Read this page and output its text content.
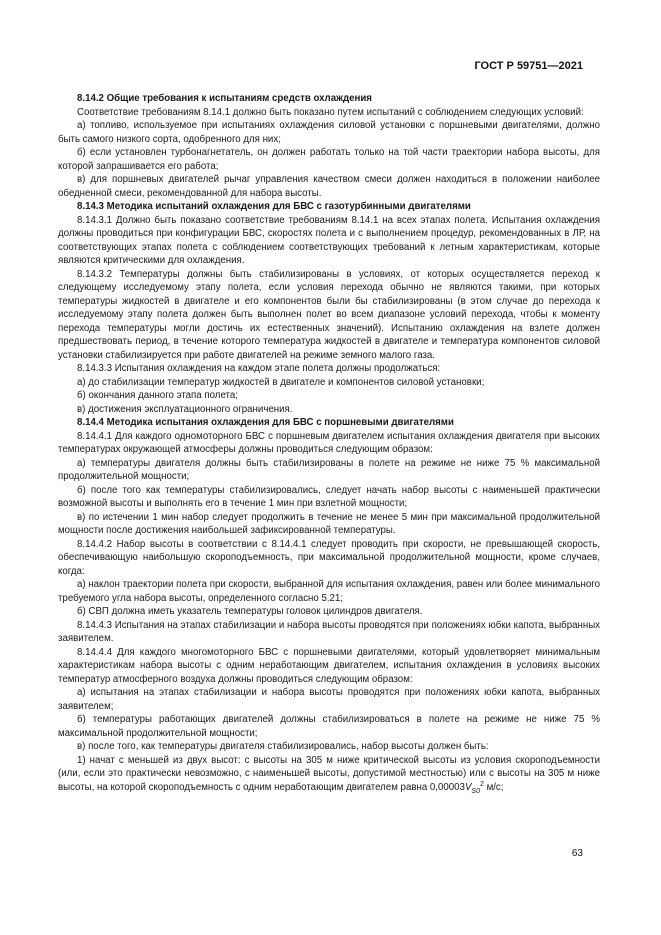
ГОСТ Р 59751—2021

8.14.2 Общие требования к испытаниям средств охлаждения

Соответствие требованиям 8.14.1 должно быть показано путем испытаний с соблюдением следующих условий:

а) топливо, используемое при испытаниях охлаждения силовой установки с поршневыми двигателями, должно быть самого низкого сорта, одобренного для них;

б) если установлен турбонагнетатель, он должен работать только на той части траектории набора высоты, для которой запрашивается его работа;

в) для поршневых двигателей рычаг управления качеством смеси должен находиться в положении наиболее обедненной смеси, рекомендованной для набора высоты.

8.14.3 Методика испытаний охлаждения для БВС с газотурбинными двигателями

8.14.3.1 Должно быть показано соответствие требованиям 8.14.1 на всех этапах полета. Испытания охлаждения должны проводиться при конфигурации БВС, скоростях полета и с выполнением процедур, рекомендованных в ЛР, на соответствующих этапах полета с соблюдением соответствующих требований к летным характеристикам, которые являются критическими для охлаждения.

8.14.3.2 Температуры должны быть стабилизированы в условиях, от которых осуществляется переход к следующему исследуемому этапу полета, если условия перехода обычно не являются такими, при которых температуры жидкостей в двигателе и его компонентов были бы стабилизированы (в этом случае до перехода к исследуемому этапу полета должен быть выполнен полет во всем диапазоне условий перехода, чтобы к моменту перехода температуры могли достичь их естественных значений). Испытанию охлаждения на взлете должен предшествовать период, в течение которого температура жидкостей в двигателе и температура компонентов силовой установки стабилизируется при работе двигателей на режиме земного малого газа.

8.14.3.3 Испытания охлаждения на каждом этапе полета должны продолжаться:

а) до стабилизации температур жидкостей в двигателе и компонентов силовой установки;

б) окончания данного этапа полета;

в) достижения эксплуатационного ограничения.

8.14.4 Методика испытания охлаждения для БВС с поршневыми двигателями

8.14.4.1 Для каждого одномоторного БВС с поршневым двигателем испытания охлаждения двигателя при высоких температурах окружающей атмосферы должны проводиться следующим образом:

а) температуры двигателя должны быть стабилизированы в полете на режиме не ниже 75 % максимальной продолжительной мощности;

б) после того как температуры стабилизировались, следует начать набор высоты с наименьшей практически возможной высоты и выполнять его в течение 1 мин при взлетной мощности;

в) по истечении 1 мин набор следует продолжить в течение не менее 5 мин при максимальной продолжительной мощности после достижения наибольшей зафиксированной температуры.

8.14.4.2 Набор высоты в соответствии с 8.14.4.1 следует проводить при скорости, не превышающей скорость, обеспечивающую наибольшую скороподъемность, при максимальной продолжительной мощности, кроме случаев, когда:

а) наклон траектории полета при скорости, выбранной для испытания охлаждения, равен или более минимального требуемого угла набора высоты, определенного согласно 5.21;

б) СВП должна иметь указатель температуры головок цилиндров двигателя.

8.14.4.3 Испытания на этапах стабилизации и набора высоты проводятся при положениях юбки капота, выбранных заявителем.

8.14.4.4 Для каждого многомоторного БВС с поршневыми двигателями, который удовлетворяет минимальным характеристикам набора высоты с одним неработающим двигателем, испытания охлаждения в условиях высоких температур атмосферного воздуха должны проводиться следующим образом:

а) испытания на этапах стабилизации и набора высоты проводятся при положениях юбки капота, выбранных заявителем;

б) температуры работающих двигателей должны стабилизироваться в полете на режиме не ниже 75 % максимальной продолжительной мощности;

в) после того, как температуры двигателя стабилизировались, набор высоты должен быть:

1) начат с меньшей из двух высот: с высоты на 305 м ниже критической высоты из условия скороподъемности (или, если это практически невозможно, с наименьшей высоты, допустимой местностью) или с высоты на 305 м ниже высоты, на которой скороподъемность с одним неработающим двигателем равна $0,00003V_{S0}^2$ м/с;

63
